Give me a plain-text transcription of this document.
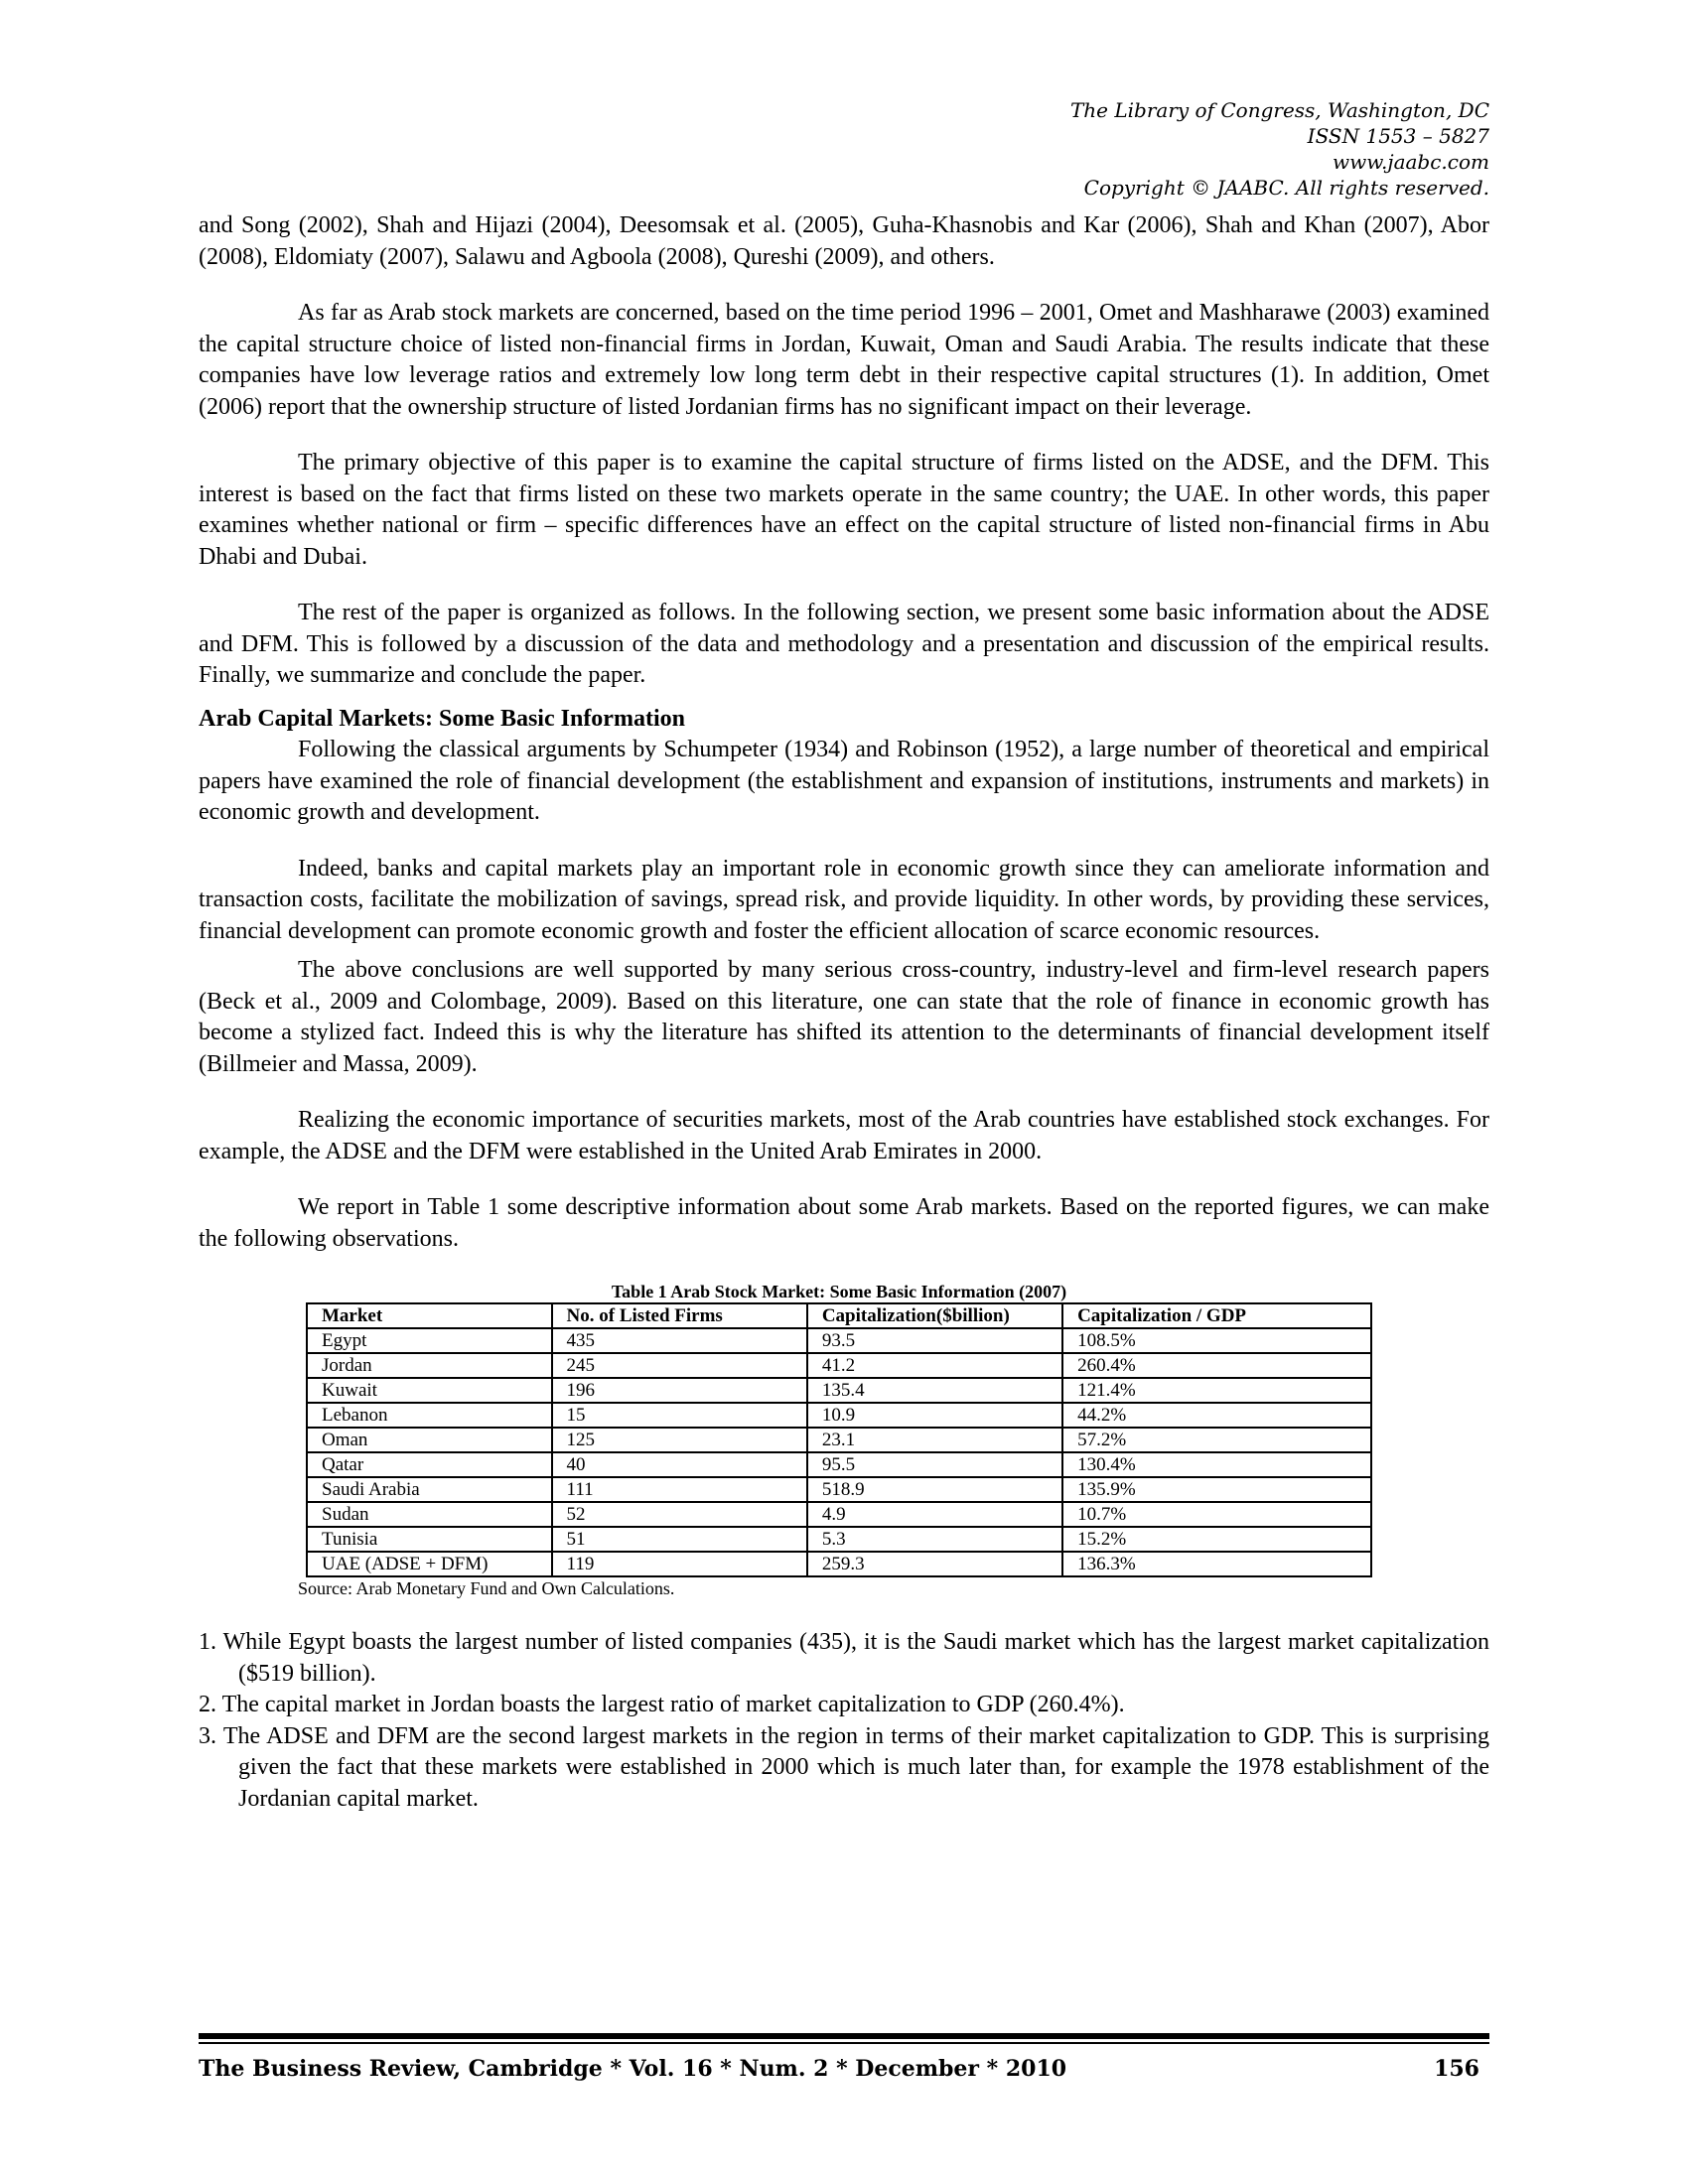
The Library of Congress, Washington, DC
ISSN 1553 – 5827
www.jaabc.com
Copyright © JAABC. All rights reserved.

and Song (2002), Shah and Hijazi (2004), Deesomsak et al. (2005), Guha-Khasnobis and Kar (2006), Shah and Khan (2007), Abor (2008), Eldomiaty (2007), Salawu and Agboola (2008), Qureshi (2009), and others.

As far as Arab stock markets are concerned, based on the time period 1996 – 2001, Omet and Mashharawe (2003) examined the capital structure choice of listed non-financial firms in Jordan, Kuwait, Oman and Saudi Arabia. The results indicate that these companies have low leverage ratios and extremely low long term debt in their respective capital structures (1). In addition, Omet (2006) report that the ownership structure of listed Jordanian firms has no significant impact on their leverage.

The primary objective of this paper is to examine the capital structure of firms listed on the ADSE, and the DFM. This interest is based on the fact that firms listed on these two markets operate in the same country; the UAE. In other words, this paper examines whether national or firm – specific differences have an effect on the capital structure of listed non-financial firms in Abu Dhabi and Dubai.

The rest of the paper is organized as follows. In the following section, we present some basic information about the ADSE and DFM. This is followed by a discussion of the data and methodology and a presentation and discussion of the empirical results. Finally, we summarize and conclude the paper.

Arab Capital Markets: Some Basic Information

Following the classical arguments by Schumpeter (1934) and Robinson (1952), a large number of theoretical and empirical papers have examined the role of financial development (the establishment and expansion of institutions, instruments and markets) in economic growth and development.

Indeed, banks and capital markets play an important role in economic growth since they can ameliorate information and transaction costs, facilitate the mobilization of savings, spread risk, and provide liquidity. In other words, by providing these services, financial development can promote economic growth and foster the efficient allocation of scarce economic resources.

The above conclusions are well supported by many serious cross-country, industry-level and firm-level research papers (Beck et al., 2009 and Colombage, 2009). Based on this literature, one can state that the role of finance in economic growth has become a stylized fact. Indeed this is why the literature has shifted its attention to the determinants of financial development itself (Billmeier and Massa, 2009).

Realizing the economic importance of securities markets, most of the Arab countries have established stock exchanges. For example, the ADSE and the DFM were established in the United Arab Emirates in 2000.

We report in Table 1 some descriptive information about some Arab markets. Based on the reported figures, we can make the following observations.

Table 1 Arab Stock Market: Some Basic Information (2007)
Market	No. of Listed Firms	Capitalization($billion)	Capitalization / GDP
Egypt	435	93.5	108.5%
Jordan	245	41.2	260.4%
Kuwait	196	135.4	121.4%
Lebanon	15	10.9	44.2%
Oman	125	23.1	57.2%
Qatar	40	95.5	130.4%
Saudi Arabia	111	518.9	135.9%
Sudan	52	4.9	10.7%
Tunisia	51	5.3	15.2%
UAE (ADSE + DFM)	119	259.3	136.3%
Source: Arab Monetary Fund and Own Calculations.
1. While Egypt boasts the largest number of listed companies (435), it is the Saudi market which has the largest market capitalization ($519 billion).
2. The capital market in Jordan boasts the largest ratio of market capitalization to GDP (260.4%).
3. The ADSE and DFM are the second largest markets in the region in terms of their market capitalization to GDP. This is surprising given the fact that these markets were established in 2000 which is much later than, for example the 1978 establishment of the Jordanian capital market.
The Business Review, Cambridge * Vol. 16 * Num. 2 * December * 2010	156
